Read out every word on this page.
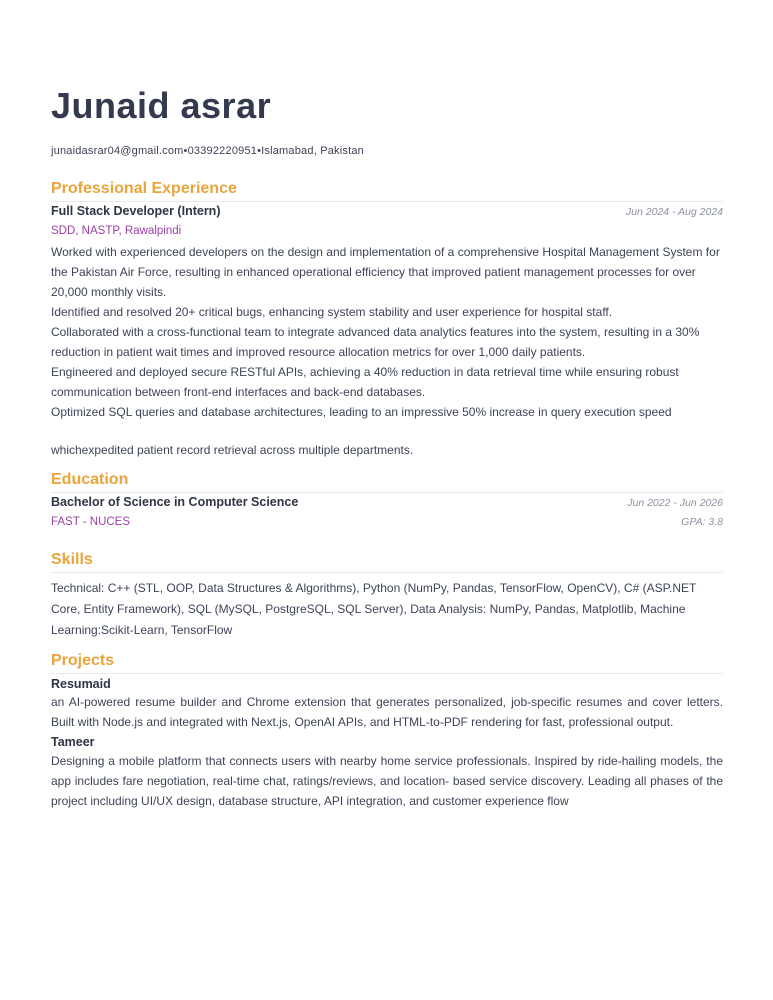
Junaid asrar
junaidasrar04@gmail.com•03392220951•Islamabad, Pakistan
Professional Experience
Full Stack Developer (Intern)	Jun 2024 - Aug 2024
SDD, NASTP, Rawalpindi

Worked with experienced developers on the design and implementation of a comprehensive Hospital Management System for the Pakistan Air Force, resulting in enhanced operational efficiency that improved patient management processes for over 20,000 monthly visits.

Identified and resolved 20+ critical bugs, enhancing system stability and user experience for hospital staff.

Collaborated with a cross-functional team to integrate advanced data analytics features into the system, resulting in a 30% reduction in patient wait times and improved resource allocation metrics for over 1,000 daily patients.

Engineered and deployed secure RESTful APIs, achieving a 40% reduction in data retrieval time while ensuring robust communication between front-end interfaces and back-end databases.

Optimized SQL queries and database architectures, leading to an impressive 50% increase in query execution speed

whichexpedited patient record retrieval across multiple departments.
Education
Bachelor of Science in Computer Science	Jun 2022 - Jun 2026
FAST - NUCES	GPA: 3.8
Skills
Technical: C++ (STL, OOP, Data Structures & Algorithms), Python (NumPy, Pandas, TensorFlow, OpenCV), C# (ASP.NET Core, Entity Framework), SQL (MySQL, PostgreSQL, SQL Server), Data Analysis: NumPy, Pandas, Matplotlib, Machine Learning:Scikit-Learn, TensorFlow
Projects
Resumaid
an AI-powered resume builder and Chrome extension that generates personalized, job-specific resumes and cover letters. Built with Node.js and integrated with Next.js, OpenAI APIs, and HTML-to-PDF rendering for fast, professional output.
Tameer
Designing a mobile platform that connects users with nearby home service professionals. Inspired by ride-hailing models, the app includes fare negotiation, real-time chat, ratings/reviews, and location- based service discovery. Leading all phases of the project including UI/UX design, database structure, API integration, and customer experience flow
